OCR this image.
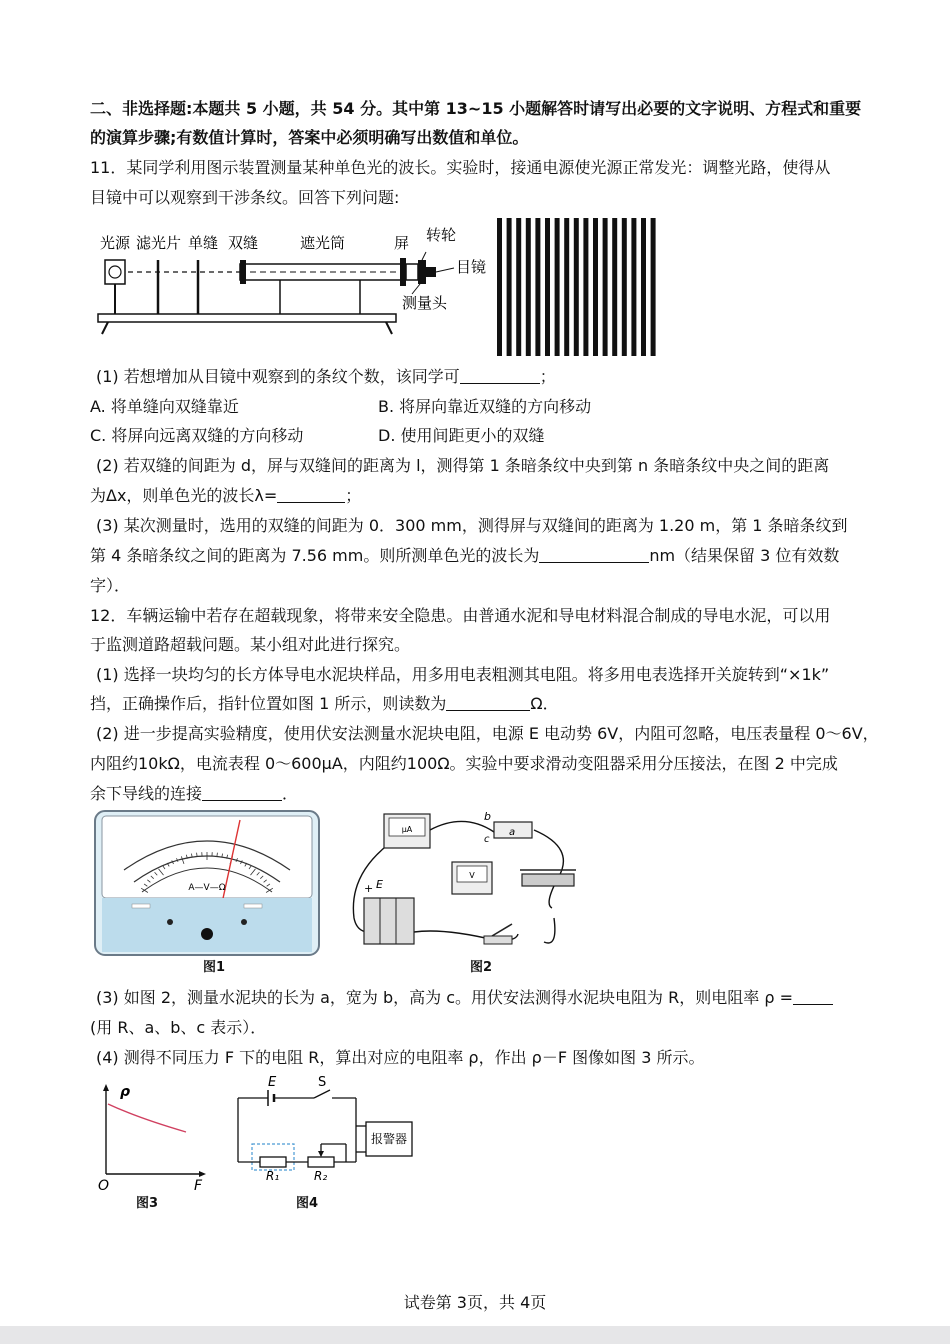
二、非选择题:本题共 5 小题，共 54 分。其中第 13~15 小题解答时请写出必要的文字说明、方程式和重要
的演算步骤;有数值计算时，答案中必须明确写出数值和单位。
11．某同学利用图示装置测量某种单色光的波长。实验时，接通电源使光源正常发光：调整光路，使得从
目镜中可以观察到干涉条纹。回答下列问题:
光源 滤光片 单缝 双缝	遮光筒	屏 转轮
目镜
测量头
(1) 若想增加从目镜中观察到的条纹个数，该同学可	；
A. 将单缝向双缝靠近	B. 将屏向靠近双缝的方向移动
C. 将屏向远离双缝的方向移动	D. 使用间距更小的双缝
(2) 若双缝的间距为 d，屏与双缝间的距离为 l，测得第 1 条暗条纹中央到第 n 条暗条纹中央之间的距离
为Δx，则单色光的波长λ=	；
(3) 某次测量时，选用的双缝的间距为 0．300 mm，测得屏与双缝间的距离为 1.20 m，第 1 条暗条纹到
第 4 条暗条纹之间的距离为 7.56 mm。则所测单色光的波长为	nm（结果保留 3 位有效数
字）．
12．车辆运输中若存在超载现象，将带来安全隐患。由普通水泥和导电材料混合制成的导电水泥，可以用
于监测道路超载问题。某小组对此进行探究。
(1) 选择一块均匀的长方体导电水泥块样品，用多用电表粗测其电阻。将多用电表选择开关旋转到“×1k”
挡，正确操作后，指针位置如图 1 所示，则读数为	Ω．
(2) 进一步提高实验精度，使用伏安法测量水泥块电阻，电源 E 电动势 6V，内阻可忽略，电压表量程 0～6V，
内阻约10kΩ，电流表程 0～600μA，内阻约100Ω。实验中要求滑动变阻器采用分压接法，在图 2 中完成
余下导线的连接	．
A—V—Ω
图1
μA	a
b
c
V
E
+
图2
(3) 如图 2，测量水泥块的长为 a，宽为 b，高为 c。用伏安法测得水泥块电阻为 R，则电阻率 ρ =
(用 R、a、b、c 表示）．
(4) 测得不同压力 F 下的电阻 R，算出对应的电阻率 ρ，作出 ρ－F 图像如图 3 所示。
ρ
F
O
图3
报警器
E	S
R₁	R₂
图4
试卷第 3页，共 4页
